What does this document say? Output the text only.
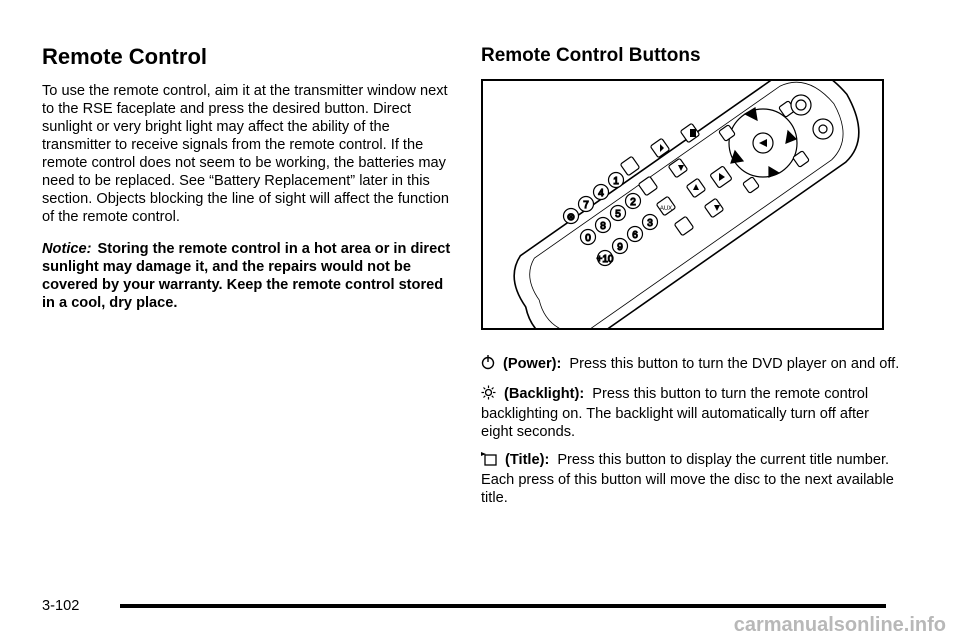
Remote Control

To use the remote control, aim it at the transmitter window next to the RSE faceplate and press the desired button. Direct sunlight or very bright light may affect the ability of the transmitter to receive signals from the remote control. If the remote control does not seem to be working, the batteries may need to be replaced. See “Battery Replacement” later in this section. Objects blocking the line of sight will affect the function of the remote control.

Notice: Storing the remote control in a hot area or in direct sunlight may damage it, and the repairs would not be covered by your warranty. Keep the remote control stored in a cool, dry place.

Remote Control Buttons
1
4
7
⊗
2
5
8
0
3
6
9
+10
AUX

(Power): Press this button to turn the DVD player on and off.

(Backlight): Press this button to turn the remote control backlighting on. The backlight will automatically turn off after eight seconds.

(Title): Press this button to display the current title number. Each press of this button will move the disc to the next available title.

3-102
carmanualsonline.info
